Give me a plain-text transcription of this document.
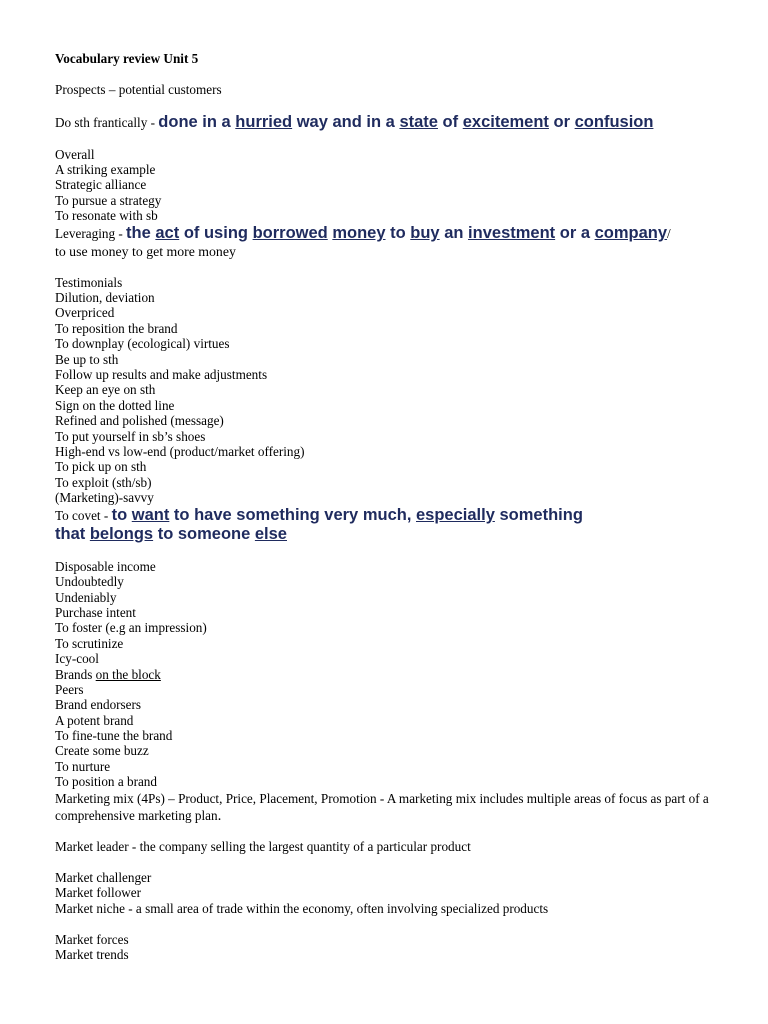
Vocabulary review Unit 5
Prospects – potential customers
Do sth frantically - done in a hurried way and in a state of excitement or confusion
Overall
A striking example
Strategic alliance
To pursue a strategy
To resonate with sb
Leveraging - the act of using borrowed money to buy an investment or a company/
to use money to get more money
Testimonials
Dilution, deviation
Overpriced
To reposition the brand
To downplay (ecological) virtues
Be up to sth
Follow up results and make adjustments
Keep an eye on sth
Sign on the dotted line
Refined and polished (message)
To put yourself in sb’s shoes
High-end vs low-end (product/market offering)
To pick up on sth
To exploit (sth/sb)
(Marketing)-savvy
To covet - to want to have something very much, especially something
that belongs to someone else
Disposable income
Undoubtedly
Undeniably
Purchase intent
To foster (e.g an impression)
To scrutinize
Icy-cool
Brands on the block
Peers
Brand endorsers
A potent brand
To fine-tune the brand
Create some buzz
To nurture
To position a brand
Marketing mix (4Ps) – Product, Price, Placement, Promotion - A marketing mix includes multiple areas of focus as part of a comprehensive marketing plan.
Market leader - the company selling the largest quantity of a particular product
Market challenger
Market follower
Market niche - a small area of trade within the economy, often involving specialized products
Market forces
Market trends
